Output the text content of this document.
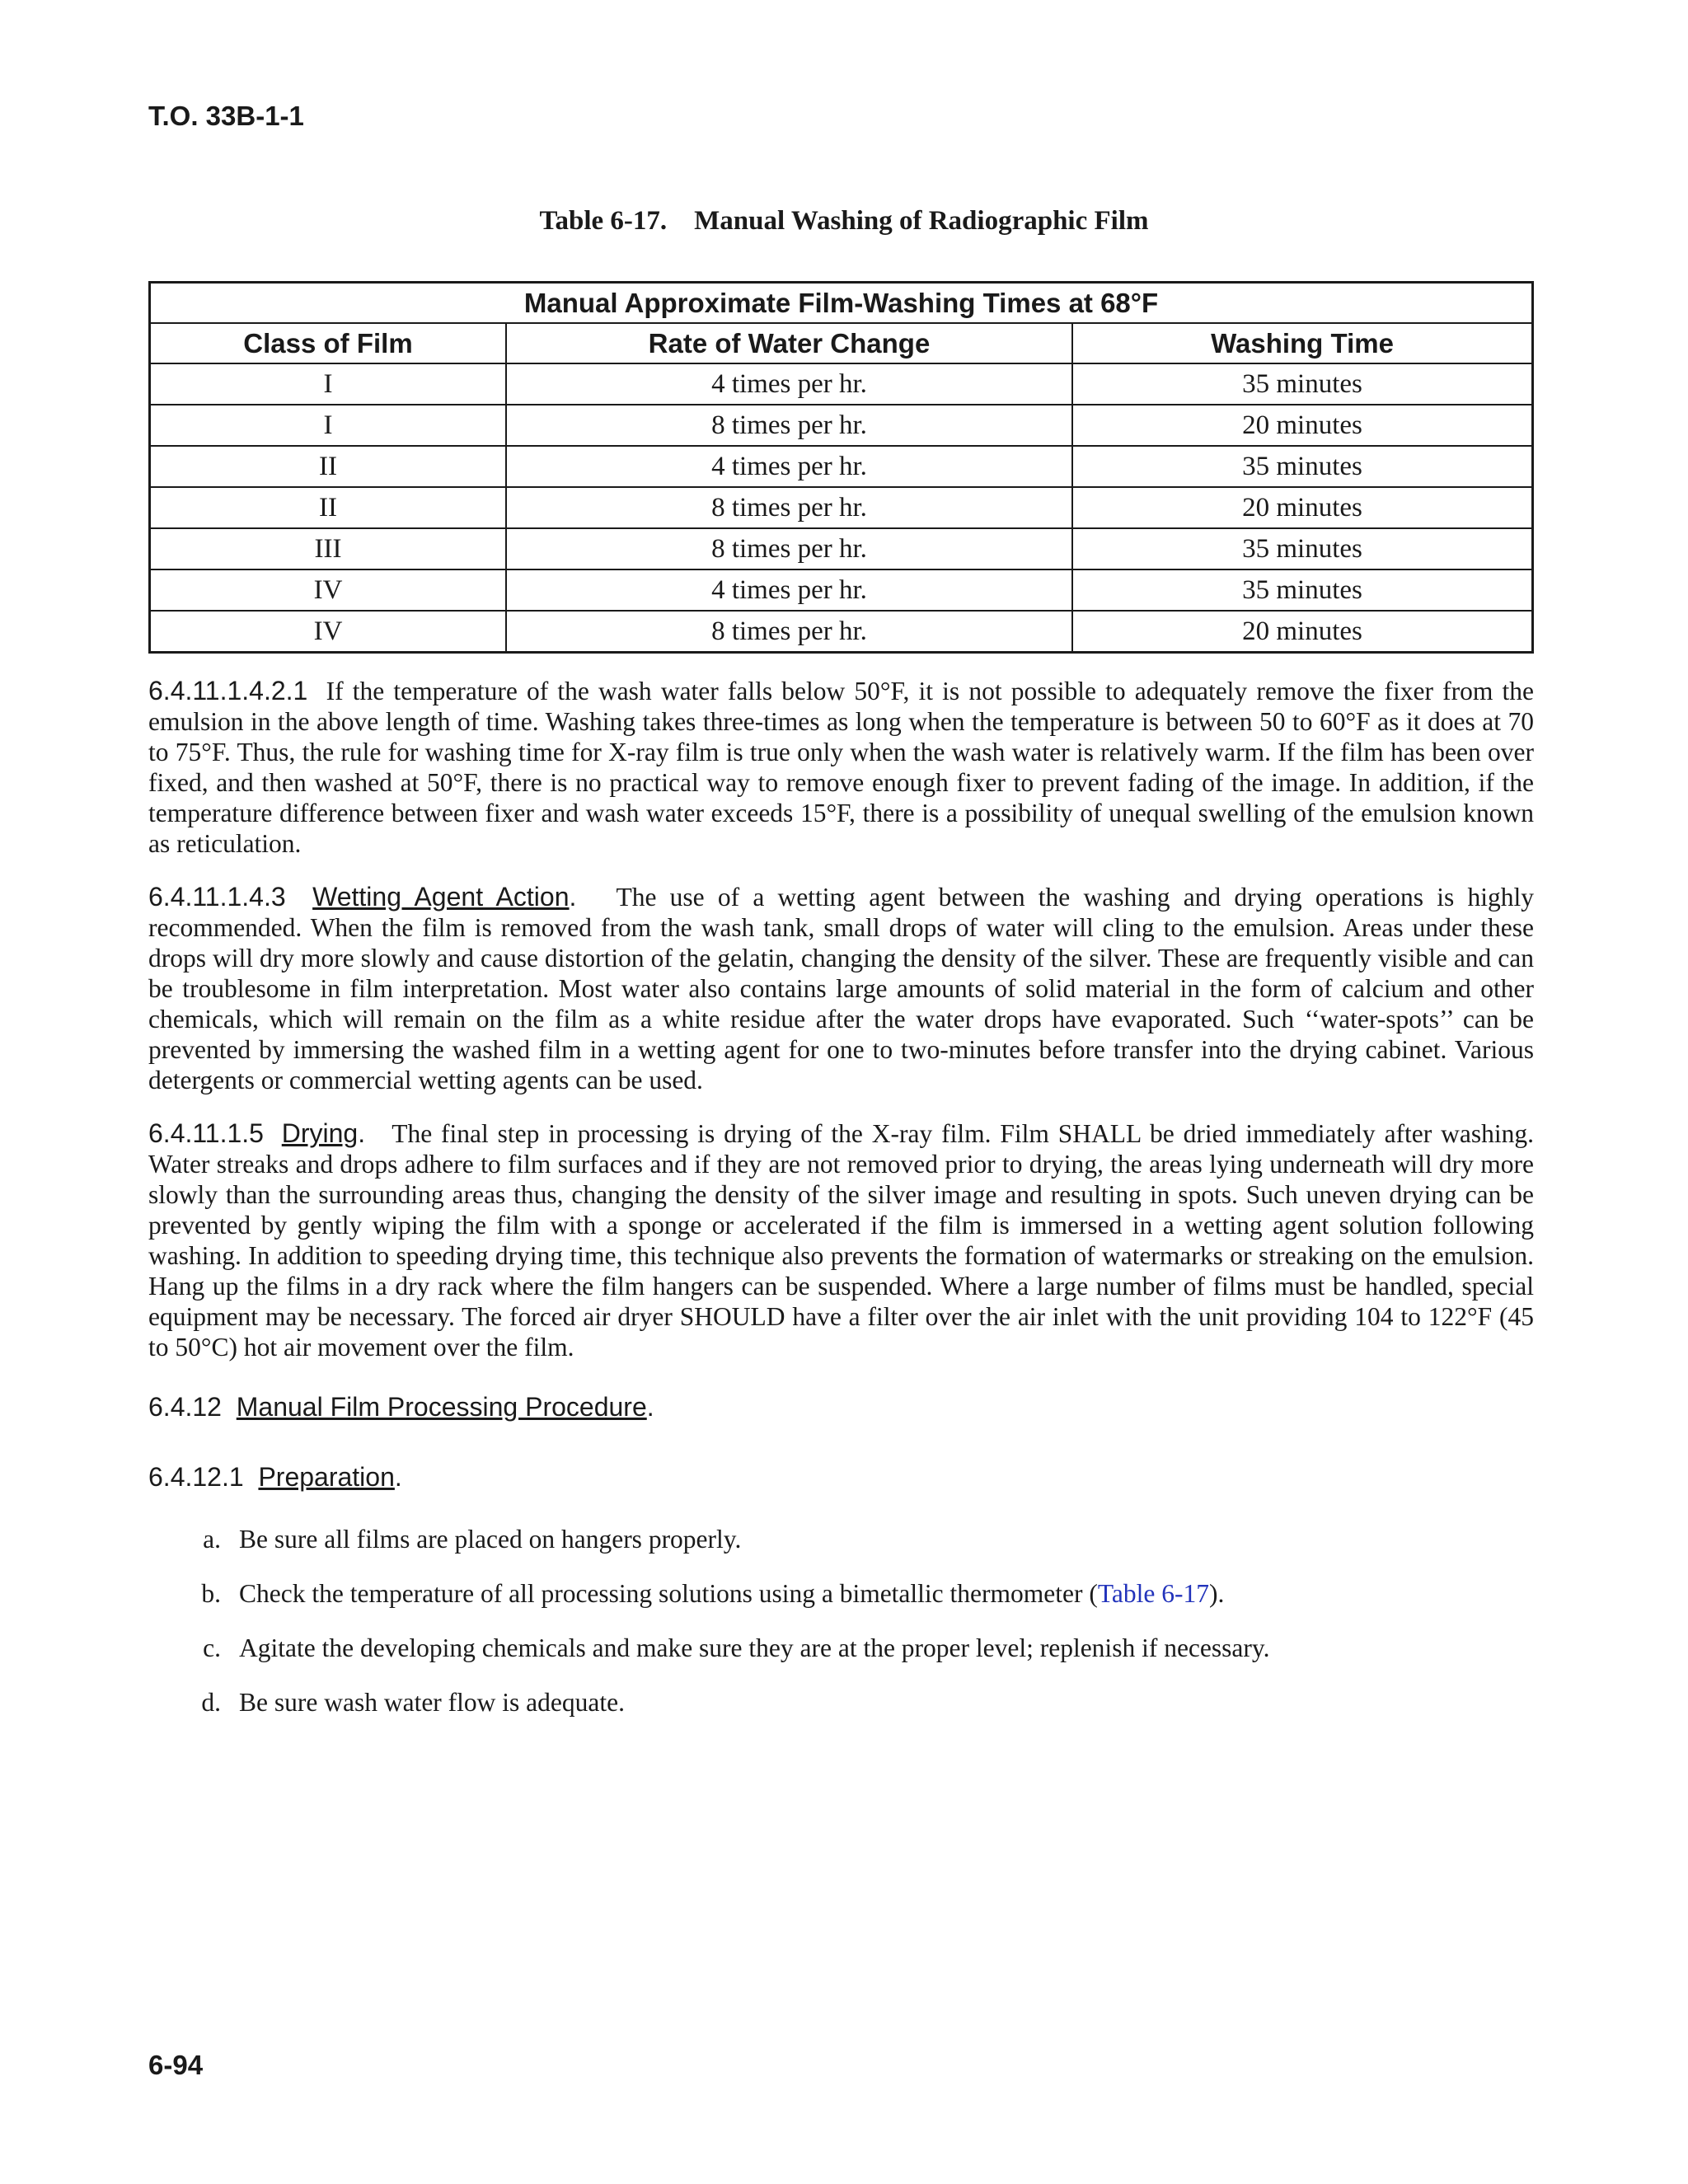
T.O. 33B-1-1
Table 6-17.    Manual Washing of Radiographic Film
Manual Approximate Film-Washing Times at 68°F		
Class of Film	Rate of Water Change	Washing Time
I	4 times per hr.	35 minutes
I	8 times per hr.	20 minutes
II	4 times per hr.	35 minutes
II	8 times per hr.	20 minutes
III	8 times per hr.	35 minutes
IV	4 times per hr.	35 minutes
IV	8 times per hr.	20 minutes

6.4.11.1.4.2.1 If the temperature of the wash water falls below 50°F, it is not possible to adequately remove the fixer from the emulsion in the above length of time. Washing takes three-times as long when the temperature is between 50 to 60°F as it does at 70 to 75°F. Thus, the rule for washing time for X-ray film is true only when the wash water is relatively warm. If the film has been over fixed, and then washed at 50°F, there is no practical way to remove enough fixer to prevent fading of the image. In addition, if the temperature difference between fixer and wash water exceeds 15°F, there is a possibility of unequal swelling of the emulsion known as reticulation.

6.4.11.1.4.3 Wetting Agent Action. The use of a wetting agent between the washing and drying operations is highly recommended. When the film is removed from the wash tank, small drops of water will cling to the emulsion. Areas under these drops will dry more slowly and cause distortion of the gelatin, changing the density of the silver. These are frequently visible and can be troublesome in film interpretation. Most water also contains large amounts of solid material in the form of calcium and other chemicals, which will remain on the film as a white residue after the water drops have evaporated. Such ‘‘water-spots’’ can be prevented by immersing the washed film in a wetting agent for one to two-minutes before transfer into the drying cabinet. Various detergents or commercial wetting agents can be used.

6.4.11.1.5 Drying. The final step in processing is drying of the X-ray film. Film SHALL be dried immediately after washing. Water streaks and drops adhere to film surfaces and if they are not removed prior to drying, the areas lying underneath will dry more slowly than the surrounding areas thus, changing the density of the silver image and resulting in spots. Such uneven drying can be prevented by gently wiping the film with a sponge or accelerated if the film is immersed in a wetting agent solution following washing. In addition to speeding drying time, this technique also prevents the formation of watermarks or streaking on the emulsion. Hang up the films in a dry rack where the film hangers can be suspended. Where a large number of films must be handled, special equipment may be necessary. The forced air dryer SHOULD have a filter over the air inlet with the unit providing 104 to 122°F (45 to 50°C) hot air movement over the film.

6.4.12 Manual Film Processing Procedure.

6.4.12.1 Preparation.

a. Be sure all films are placed on hangers properly.
b. Check the temperature of all processing solutions using a bimetallic thermometer (Table 6-17).
c. Agitate the developing chemicals and make sure they are at the proper level; replenish if necessary.
d. Be sure wash water flow is adequate.
6-94
